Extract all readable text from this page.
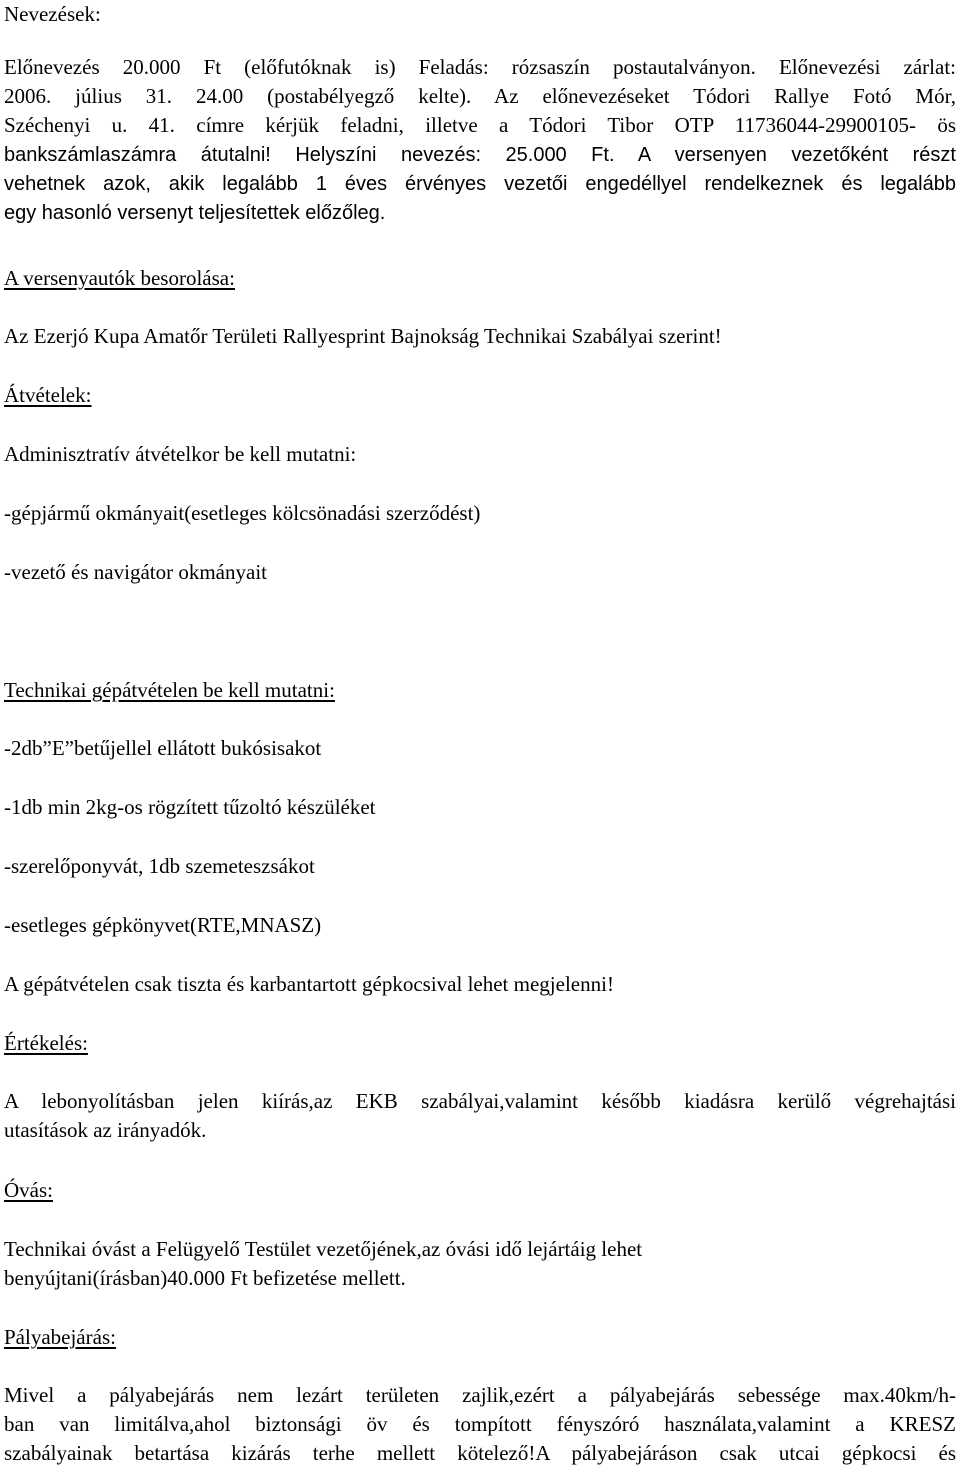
Nevezések:
Előnevezés 20.000 Ft (előfutóknak is) Feladás: rózsaszín postautalványon. Előnevezési zárlat:
2006. július 31. 24.00 (postabélyegző kelte). Az előnevezéseket Tódori Rallye Fotó Mór,
Széchenyi u. 41. címre kérjük feladni, illetve a Tódori Tibor OTP 11736044-29900105- ös
bankszámlaszámra átutalni! Helyszíni nevezés: 25.000 Ft. A versenyen vezetőként részt
vehetnek azok, akik legalább 1 éves érvényes vezetői engedéllyel rendelkeznek és legalább
egy hasonló versenyt teljesítettek előzőleg.
A versenyautók besorolása:
Az Ezerjó Kupa Amatőr Területi Rallyesprint Bajnokság Technikai Szabályai szerint!
Átvételek:
Adminisztratív átvételkor be kell mutatni:
-gépjármű okmányait(esetleges kölcsönadási szerződést)
-vezető és navigátor okmányait
Technikai gépátvételen be kell mutatni:
-2db”E”betűjellel ellátott bukósisakot
-1db min 2kg-os rögzített tűzoltó készüléket
-szerelőponyvát, 1db szemeteszsákot
-esetleges gépkönyvet(RTE,MNASZ)
A gépátvételen csak tiszta és karbantartott gépkocsival lehet megjelenni!
Értékelés:
A lebonyolításban jelen kiírás,az EKB szabályai,valamint később kiadásra kerülő végrehajtási
utasítások az irányadók.
Óvás:
Technikai óvást a Felügyelő Testület vezetőjének,az óvási idő lejártáig lehet
benyújtani(írásban)40.000 Ft befizetése mellett.
Pályabejárás:
Mivel a pályabejárás nem lezárt területen zajlik,ezért a pályabejárás sebessége max.40km/h-
ban van limitálva,ahol biztonsági öv és tompított fényszóró használata,valamint a KRESZ
szabályainak betartása kizárás terhe mellett kötelező!A pályabejáráson csak utcai gépkocsi és
